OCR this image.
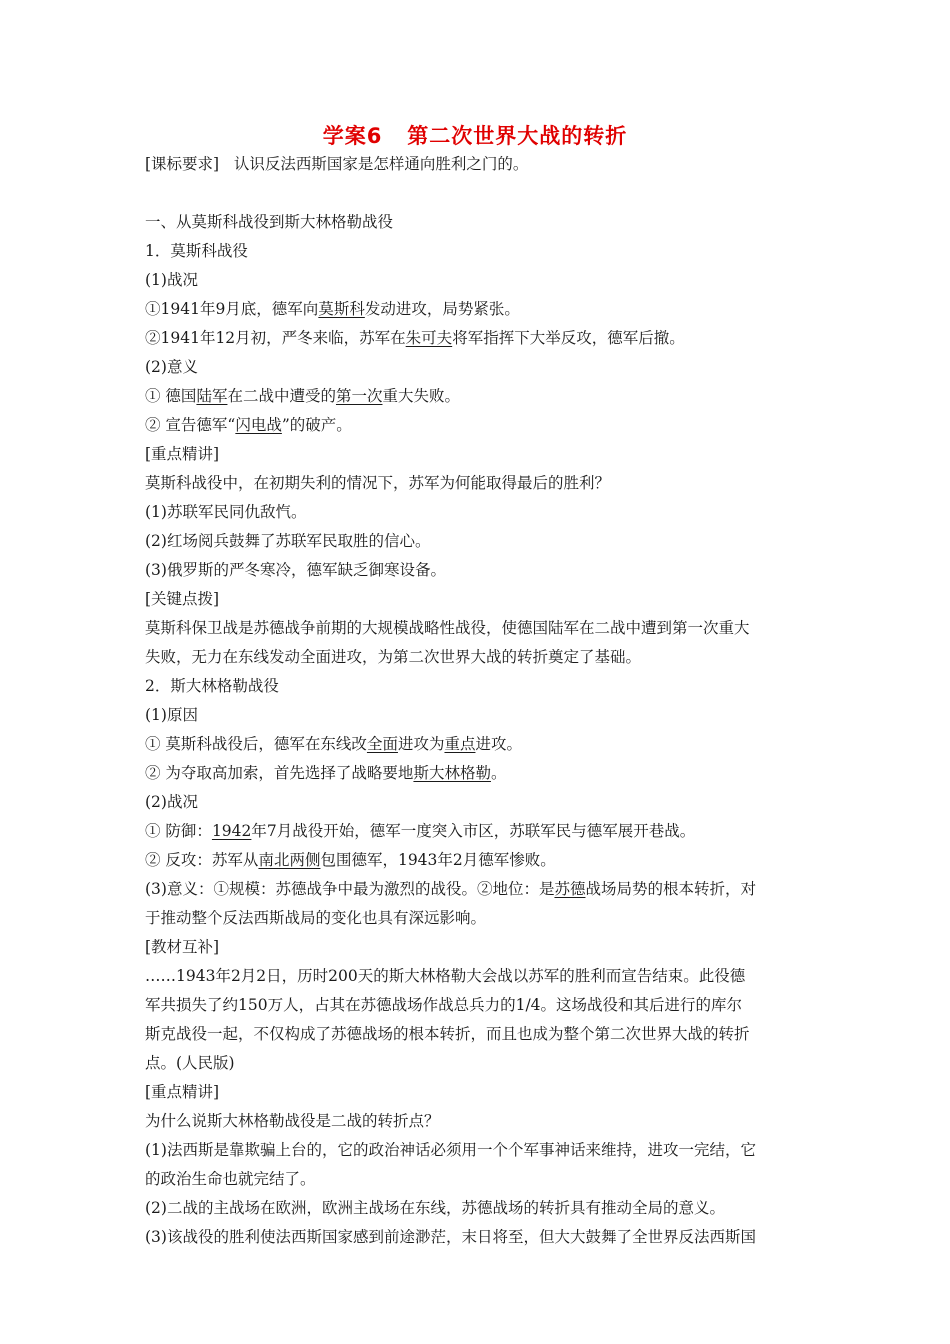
学案6 第二次世界大战的转折
[课标要求] 认识反法西斯国家是怎样通向胜利之门的。
一、从莫斯科战役到斯大林格勒战役
1．莫斯科战役
(1)战况
①1941年9月底，德军向莫斯科发动进攻，局势紧张。
②1941年12月初，严冬来临，苏军在朱可夫将军指挥下大举反攻，德军后撤。
(2)意义
① 德国陆军在二战中遭受的第一次重大失败。
② 宣告德军“闪电战”的破产。
[重点精讲]
莫斯科战役中，在初期失利的情况下，苏军为何能取得最后的胜利？
(1)苏联军民同仇敌忾。
(2)红场阅兵鼓舞了苏联军民取胜的信心。
(3)俄罗斯的严冬寒冷，德军缺乏御寒设备。
[关键点拨]
莫斯科保卫战是苏德战争前期的大规模战略性战役，使德国陆军在二战中遭到第一次重大
失败，无力在东线发动全面进攻，为第二次世界大战的转折奠定了基础。
2．斯大林格勒战役
(1)原因
① 莫斯科战役后，德军在东线改全面进攻为重点进攻。
② 为夺取高加索，首先选择了战略要地斯大林格勒。
(2)战况
① 防御：1942年7月战役开始，德军一度突入市区，苏联军民与德军展开巷战。
② 反攻：苏军从南北两侧包围德军，1943年2月德军惨败。
(3)意义：①规模：苏德战争中最为激烈的战役。②地位：是苏德战场局势的根本转折，对
于推动整个反法西斯战局的变化也具有深远影响。
[教材互补]
……1943年2月2日，历时200天的斯大林格勒大会战以苏军的胜利而宣告结束。此役德
军共损失了约150万人，占其在苏德战场作战总兵力的1/4。这场战役和其后进行的库尔
斯克战役一起，不仅构成了苏德战场的根本转折，而且也成为整个第二次世界大战的转折
点。(人民版)
[重点精讲]
为什么说斯大林格勒战役是二战的转折点？
(1)法西斯是靠欺骗上台的，它的政治神话必须用一个个军事神话来维持，进攻一完结，它
的政治生命也就完结了。
(2)二战的主战场在欧洲，欧洲主战场在东线，苏德战场的转折具有推动全局的意义。
(3)该战役的胜利使法西斯国家感到前途渺茫，末日将至，但大大鼓舞了全世界反法西斯国
